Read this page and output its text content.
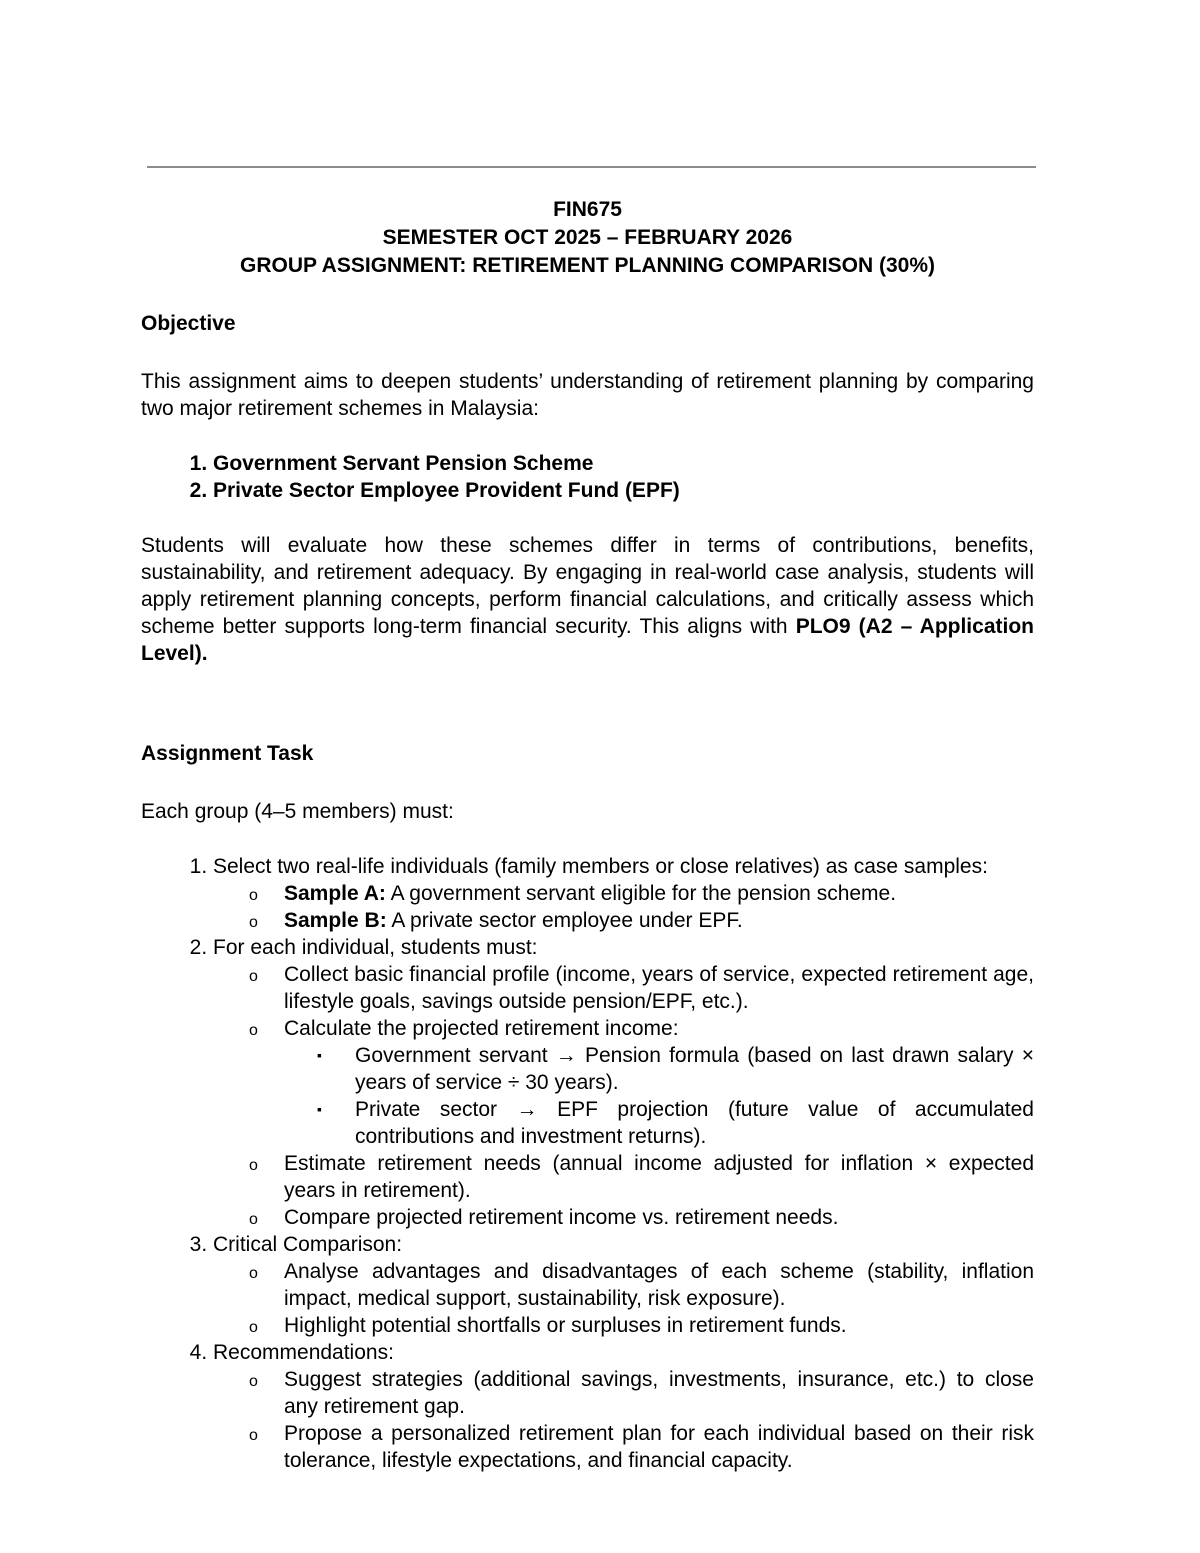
FIN675
SEMESTER OCT 2025 – FEBRUARY 2026
GROUP ASSIGNMENT: RETIREMENT PLANNING COMPARISON (30%)
Objective

This assignment aims to deepen students’ understanding of retirement planning by comparing two major retirement schemes in Malaysia:

1. Government Servant Pension Scheme
2. Private Sector Employee Provident Fund (EPF)

Students will evaluate how these schemes differ in terms of contributions, benefits, sustainability, and retirement adequacy. By engaging in real-world case analysis, students will apply retirement planning concepts, perform financial calculations, and critically assess which scheme better supports long-term financial security. This aligns with PLO9 (A2 – Application Level).

Assignment Task

Each group (4–5 members) must:

1. Select two real-life individuals (family members or close relatives) as case samples:
o Sample A: A government servant eligible for the pension scheme.
o Sample B: A private sector employee under EPF.
2. For each individual, students must:
o Collect basic financial profile (income, years of service, expected retirement age, lifestyle goals, savings outside pension/EPF, etc.).
o Calculate the projected retirement income:
▪ Government servant → Pension formula (based on last drawn salary × years of service ÷ 30 years).
▪ Private sector → EPF projection (future value of accumulated contributions and investment returns).
o Estimate retirement needs (annual income adjusted for inflation × expected years in retirement).
o Compare projected retirement income vs. retirement needs.
3. Critical Comparison:
o Analyse advantages and disadvantages of each scheme (stability, inflation impact, medical support, sustainability, risk exposure).
o Highlight potential shortfalls or surpluses in retirement funds.
4. Recommendations:
o Suggest strategies (additional savings, investments, insurance, etc.) to close any retirement gap.
o Propose a personalized retirement plan for each individual based on their risk tolerance, lifestyle expectations, and financial capacity.
